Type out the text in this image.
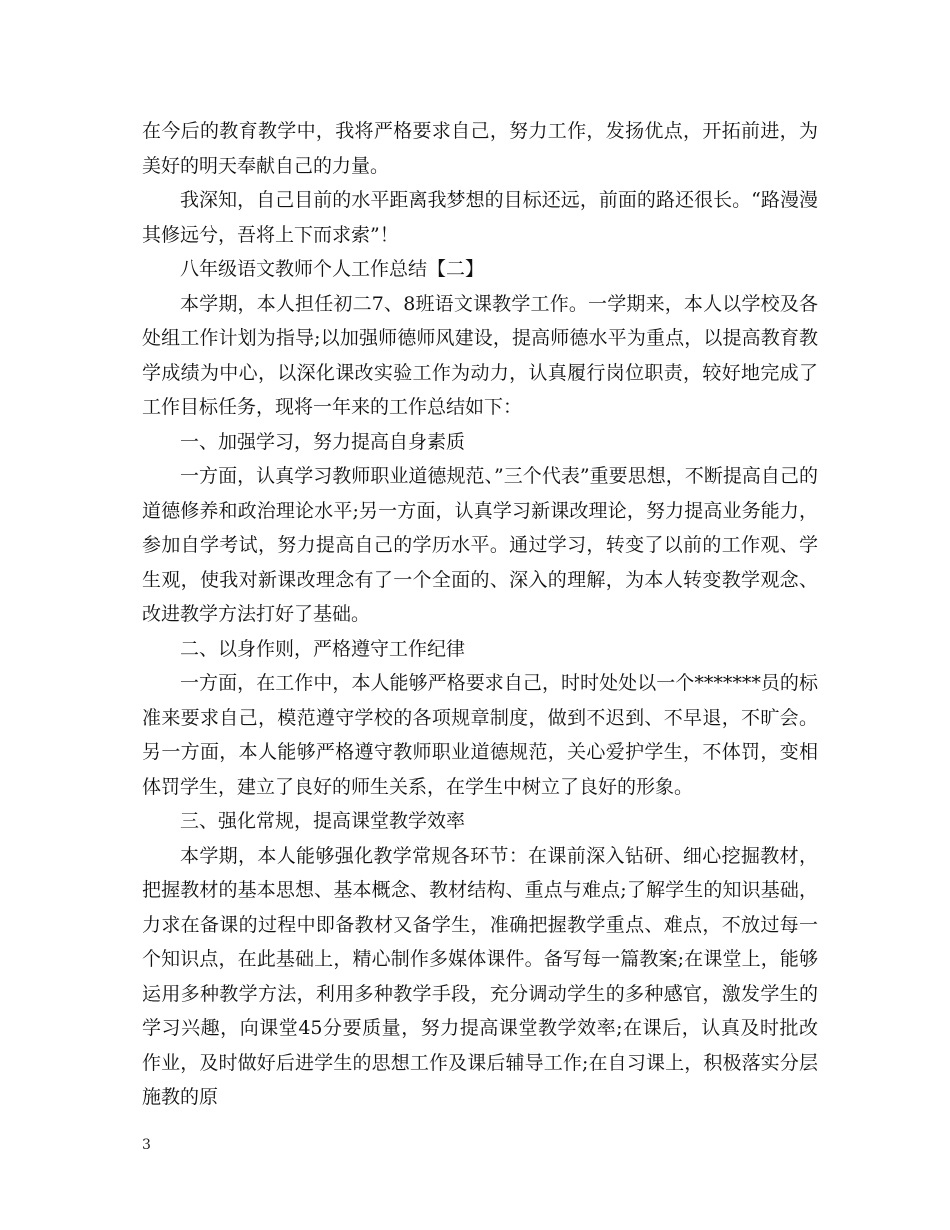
在今后的教育教学中，我将严格要求自己，努力工作，发扬优点，开拓前进，为美好的明天奉献自己的力量。

我深知，自己目前的水平距离我梦想的目标还远，前面的路还很长。“路漫漫其修远兮，吾将上下而求索”！

八年级语文教师个人工作总结【二】

本学期，本人担任初二7、8班语文课教学工作。一学期来，本人以学校及各处组工作计划为指导;以加强师德师风建设，提高师德水平为重点，以提高教育教学成绩为中心，以深化课改实验工作为动力，认真履行岗位职责，较好地完成了工作目标任务，现将一年来的工作总结如下：

一、加强学习，努力提高自身素质

一方面，认真学习教师职业道德规范、”三个代表”重要思想，不断提高自己的道德修养和政治理论水平;另一方面，认真学习新课改理论，努力提高业务能力，参加自学考试，努力提高自己的学历水平。通过学习，转变了以前的工作观、学生观，使我对新课改理念有了一个全面的、深入的理解，为本人转变教学观念、改进教学方法打好了基础。

二、以身作则，严格遵守工作纪律

一方面，在工作中，本人能够严格要求自己，时时处处以一个*******员的标准来要求自己，模范遵守学校的各项规章制度，做到不迟到、不早退，不旷会。另一方面，本人能够严格遵守教师职业道德规范，关心爱护学生，不体罚，变相体罚学生，建立了良好的师生关系，在学生中树立了良好的形象。

三、强化常规，提高课堂教学效率

本学期，本人能够强化教学常规各环节：在课前深入钻研、细心挖掘教材，把握教材的基本思想、基本概念、教材结构、重点与难点;了解学生的知识基础，力求在备课的过程中即备教材又备学生，准确把握教学重点、难点，不放过每一个知识点，在此基础上，精心制作多媒体课件。备写每一篇教案;在课堂上，能够运用多种教学方法，利用多种教学手段，充分调动学生的多种感官，激发学生的学习兴趣，向课堂45分要质量，努力提高课堂教学效率;在课后，认真及时批改作业，及时做好后进学生的思想工作及课后辅导工作;在自习课上，积极落实分层施教的原

3
